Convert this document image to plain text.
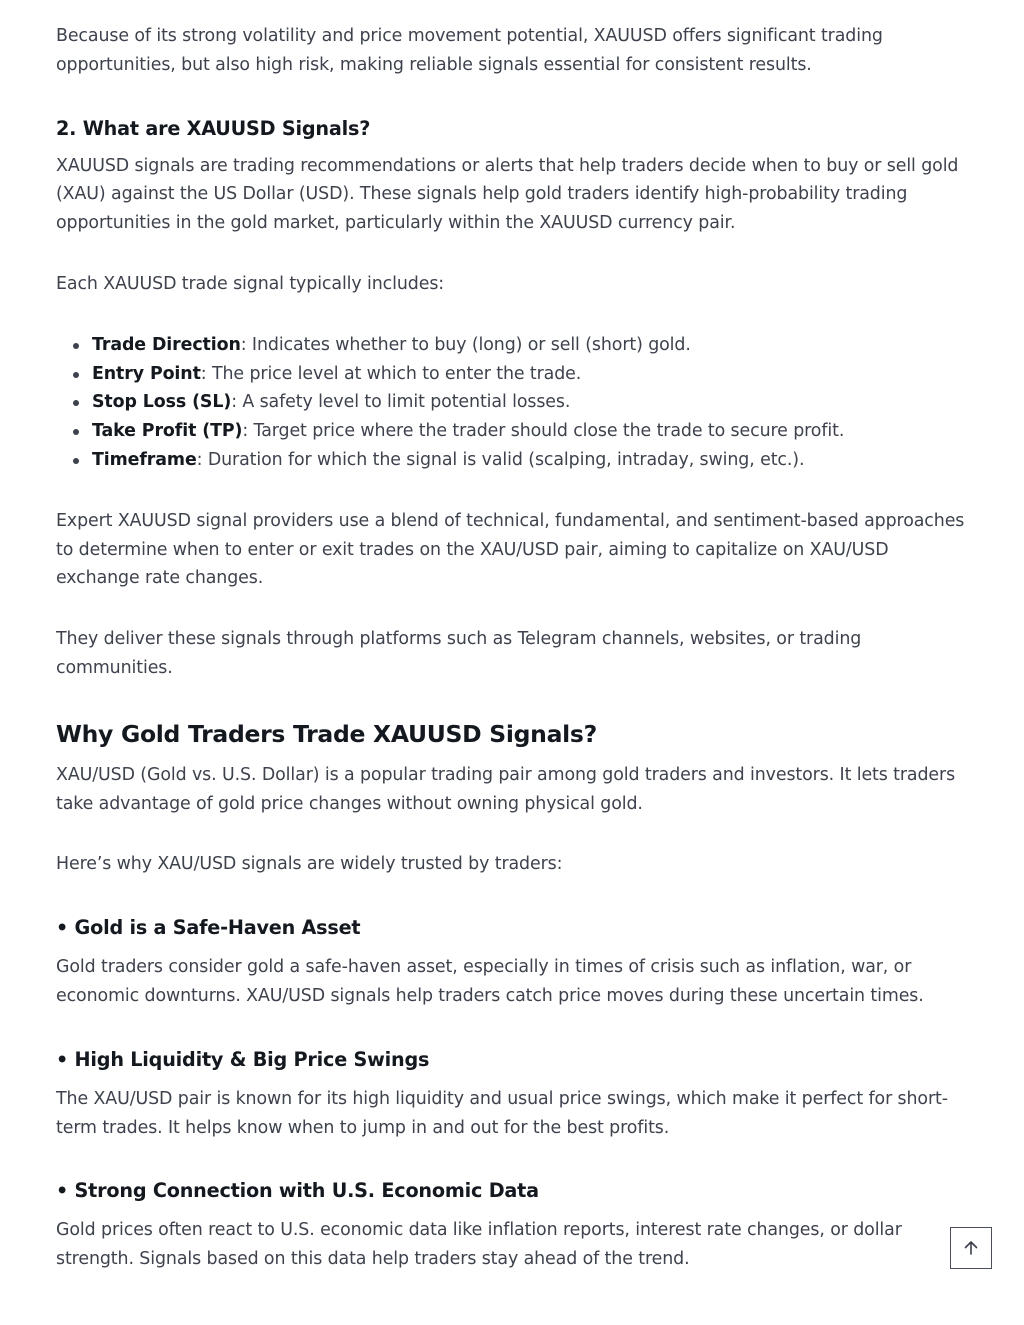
Because of its strong volatility and price movement potential, XAUUSD offers significant trading opportunities, but also high risk, making reliable signals essential for consistent results.

2. What are XAUUSD Signals?

XAUUSD signals are trading recommendations or alerts that help traders decide when to buy or sell gold (XAU) against the US Dollar (USD). These signals help gold traders identify high-probability trading opportunities in the gold market, particularly within the XAUUSD currency pair.

Each XAUUSD trade signal typically includes:

Trade Direction: Indicates whether to buy (long) or sell (short) gold.
Entry Point: The price level at which to enter the trade.
Stop Loss (SL): A safety level to limit potential losses.
Take Profit (TP): Target price where the trader should close the trade to secure profit.
Timeframe: Duration for which the signal is valid (scalping, intraday, swing, etc.).

Expert XAUUSD signal providers use a blend of technical, fundamental, and sentiment-based approaches to determine when to enter or exit trades on the XAU/USD pair, aiming to capitalize on XAU/USD exchange rate changes.

They deliver these signals through platforms such as Telegram channels, websites, or trading communities.

Why Gold Traders Trade XAUUSD Signals?

XAU/USD (Gold vs. U.S. Dollar) is a popular trading pair among gold traders and investors. It lets traders take advantage of gold price changes without owning physical gold.

Here’s why XAU/USD signals are widely trusted by traders:

• Gold is a Safe-Haven Asset

Gold traders consider gold a safe-haven asset, especially in times of crisis such as inflation, war, or economic downturns. XAU/USD signals help traders catch price moves during these uncertain times.

• High Liquidity & Big Price Swings

The XAU/USD pair is known for its high liquidity and usual price swings, which make it perfect for short-term trades. It helps know when to jump in and out for the best profits.

• Strong Connection with U.S. Economic Data

Gold prices often react to U.S. economic data like inflation reports, interest rate changes, or dollar strength. Signals based on this data help traders stay ahead of the trend.
